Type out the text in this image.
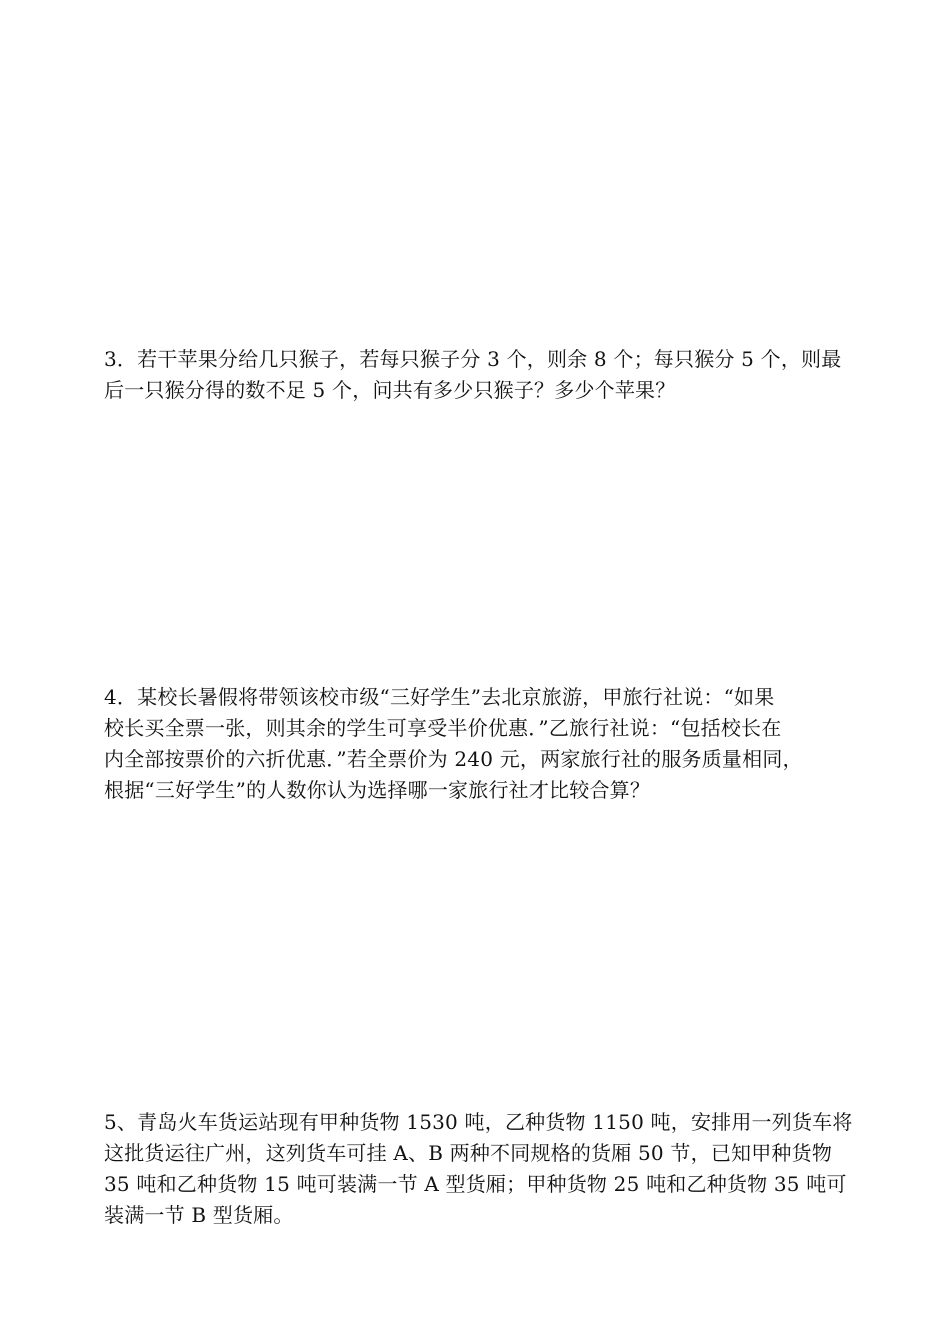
3．若干苹果分给几只猴子，若每只猴子分 3 个，则余 8 个；每只猴分 5 个，则最
后一只猴分得的数不足 5 个，问共有多少只猴子？多少个苹果？
4．某校长暑假将带领该校市级“三好学生”去北京旅游，甲旅行社说：“如果
校长买全票一张，则其余的学生可享受半价优惠．”乙旅行社说：“包括校长在
内全部按票价的六折优惠．”若全票价为 240 元，两家旅行社的服务质量相同，
根据“三好学生”的人数你认为选择哪一家旅行社才比较合算？
5、青岛火车货运站现有甲种货物 1530 吨，乙种货物 1150 吨，安排用一列货车将
这批货运往广州，这列货车可挂 A、B 两种不同规格的货厢 50 节，已知甲种货物
35 吨和乙种货物 15 吨可装满一节 A 型货厢；甲种货物 25 吨和乙种货物 35 吨可
装满一节 B 型货厢。
